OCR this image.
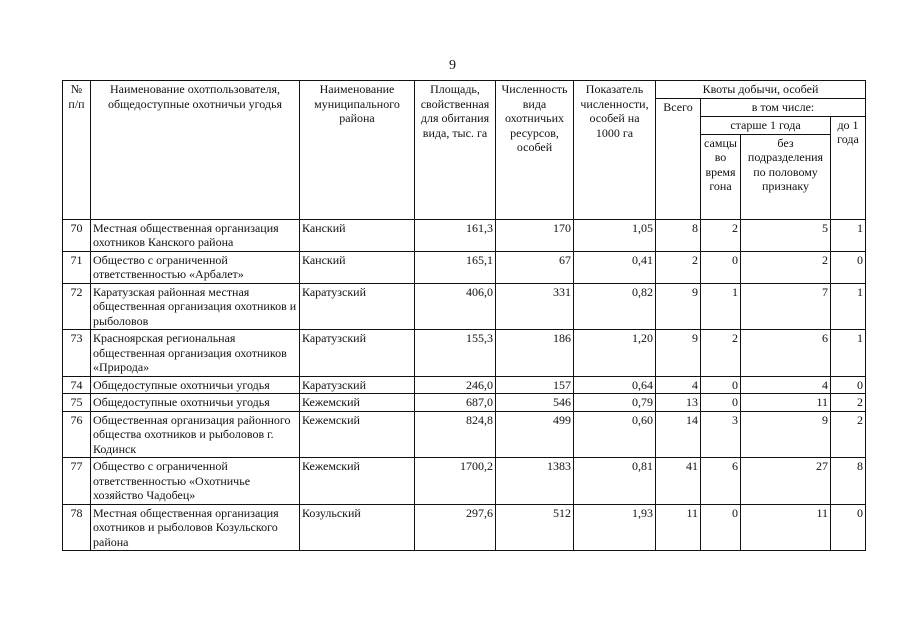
9
№ п/п	Наименование охотпользователя, общедоступные охотничьи угодья	Наименование муниципального района	Площадь, свойственная для обитания вида, тыс. га	Численность вида охотничьих ресурсов, особей	Показатель численности, особей на 1000 га	Квоты добычи, особей			
						Всего	в том числе:		
							старше 1 года		до 1 года
							самцы во время гона	без подразделения по половому признаку	
70	Местная общественная организация охотников Канского района	Канский	161,3	170	1,05	8	2	5	1
71	Общество с ограниченной ответственностью «Арбалет»	Канский	165,1	67	0,41	2	0	2	0
72	Каратузская районная местная общественная организация охотников и рыболовов	Каратузский	406,0	331	0,82	9	1	7	1
73	Красноярская региональная общественная организация охотников «Природа»	Каратузский	155,3	186	1,20	9	2	6	1
74	Общедоступные охотничьи угодья	Каратузский	246,0	157	0,64	4	0	4	0
75	Общедоступные охотничьи угодья	Кежемский	687,0	546	0,79	13	0	11	2
76	Общественная организация районного общества охотников и рыболовов г. Кодинск	Кежемский	824,8	499	0,60	14	3	9	2
77	Общество с ограниченной ответственностью «Охотничье хозяйство Чадобец»	Кежемский	1700,2	1383	0,81	41	6	27	8
78	Местная общественная организация охотников и рыболовов Козульского района	Козульский	297,6	512	1,93	11	0	11	0
